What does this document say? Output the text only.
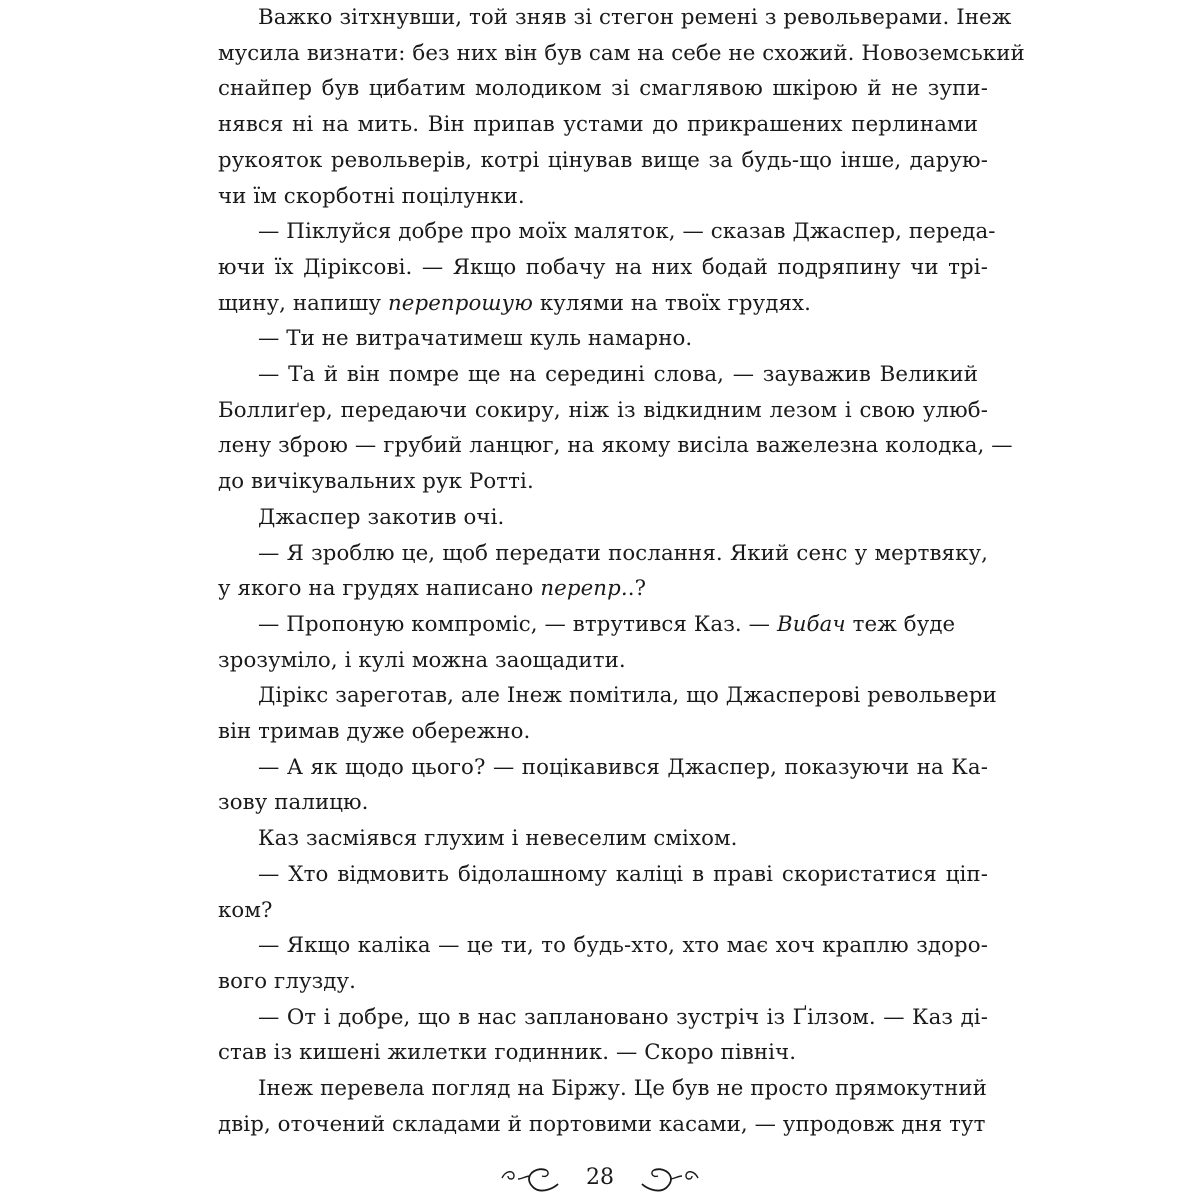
Важко зітхнувши, той зняв зі стегон ремені з револьверами. Інеж
мусила визнати: без них він був сам на себе не схожий. Новоземський
снайпер був цибатим молодиком зі смаглявою шкірою й не зупи-
нявся ні на мить. Він припав устами до прикрашених перлинами
рукояток револьверів, котрі цінував вище за будь-що інше, дарую-
чи їм скорботні поцілунки.
— Піклуйся добре про моїх маляток, — сказав Джаспер, переда-
ючи їх Діріксові. — Якщо побачу на них бодай подряпину чи трі-
щину, напишу перепрошую кулями на твоїх грудях.
— Ти не витрачатимеш куль намарно.
— Та й він помре ще на середині слова, — зауважив Великий
Боллиґер, передаючи сокиру, ніж із відкидним лезом і свою улюб-
лену зброю — грубий ланцюг, на якому висіла важелезна колодка, —
до вичікувальних рук Ротті.
Джаспер закотив очі.
— Я зроблю це, щоб передати послання. Який сенс у мертвяку,
у якого на грудях написано перепр..?
— Пропоную компроміс, — втрутився Каз. — Вибач теж буде
зрозуміло, і кулі можна заощадити.
Дірікс зареготав, але Інеж помітила, що Джасперові револьвери
він тримав дуже обережно.
— А як щодо цього? — поцікавився Джаспер, показуючи на Ка-
зову палицю.
Каз засміявся глухим і невеселим сміхом.
— Хто відмовить бідолашному каліці в праві скористатися ціп-
ком?
— Якщо каліка — це ти, то будь-хто, хто має хоч краплю здоро-
вого глузду.
— От і добре, що в нас заплановано зустріч із Ґілзом. — Каз ді-
став із кишені жилетки годинник. — Скоро північ.
Інеж перевела погляд на Біржу. Це був не просто прямокутний
двір, оточений складами й портовими касами, — упродовж дня тут
28
